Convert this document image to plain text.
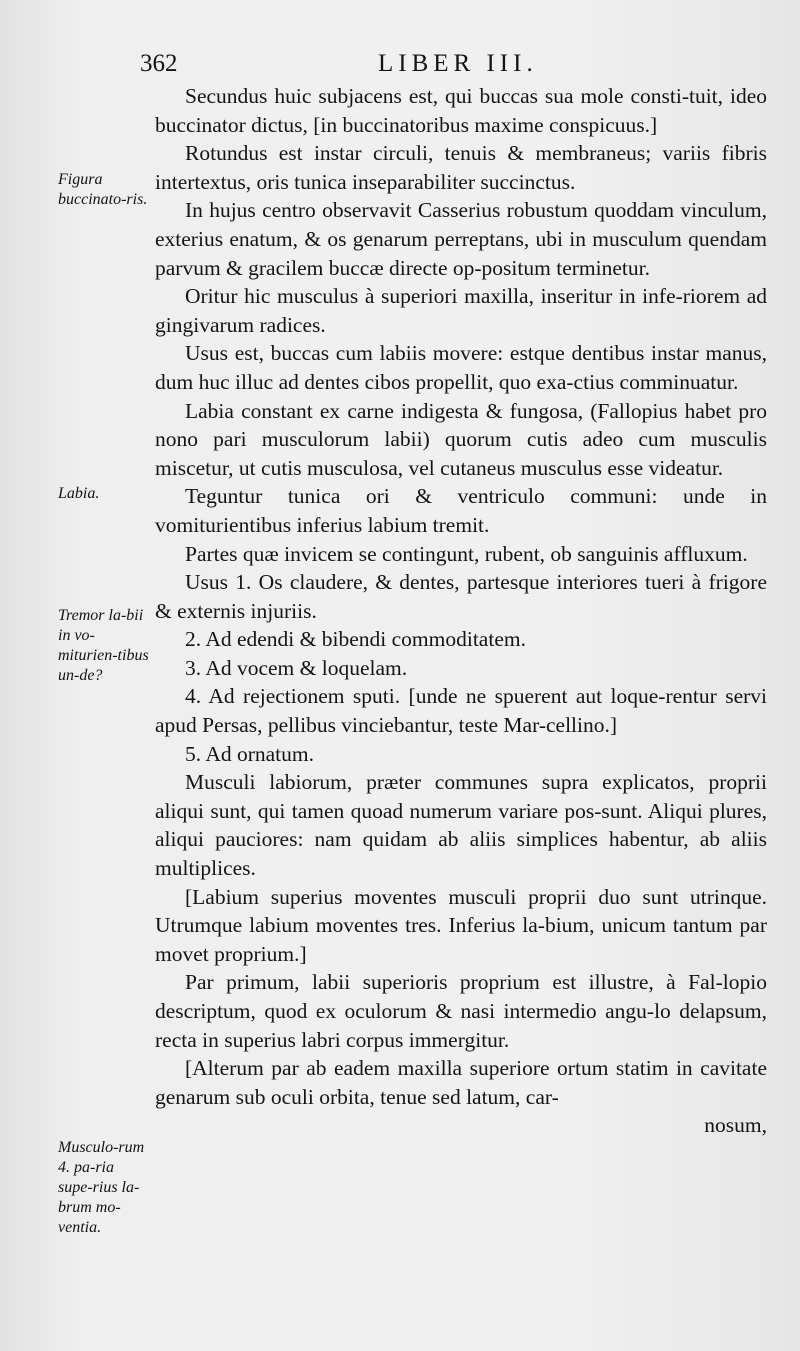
362	LIBER III.
Figura buccinato-ris.
Labia.
Tremor la-bii in vo-miturien-tibus un-de?
Musculo-rum 4. pa-ria supe-rius la-brum mo-ventia.

Secundus huic subjacens est, qui buccas sua mole consti-tuit, ideo buccinator dictus, [in buccinatoribus maxime conspicuus.]

Rotundus est instar circuli, tenuis & membraneus; variis fibris intertextus, oris tunica inseparabiliter succinctus.

In hujus centro observavit Casserius robustum quoddam vinculum, exterius enatum, & os genarum perreptans, ubi in musculum quendam parvum & gracilem buccæ directe op-positum terminetur.

Oritur hic musculus à superiori maxilla, inseritur in infe-riorem ad gingivarum radices.

Usus est, buccas cum labiis movere: estque dentibus instar manus, dum huc illuc ad dentes cibos propellit, quo exa-ctius comminuatur.

Labia constant ex carne indigesta & fungosa, (Fallopius habet pro nono pari musculorum labii) quorum cutis adeo cum musculis miscetur, ut cutis musculosa, vel cutaneus musculus esse videatur.

Teguntur tunica ori & ventriculo communi: unde in vomiturientibus inferius labium tremit.

Partes quæ invicem se contingunt, rubent, ob sanguinis affluxum.

Usus 1. Os claudere, & dentes, partesque interiores tueri à frigore & externis injuriis.

2. Ad edendi & bibendi commoditatem.

3. Ad vocem & loquelam.

4. Ad rejectionem sputi. [unde ne spuerent aut loque-rentur servi apud Persas, pellibus vinciebantur, teste Mar-cellino.]

5. Ad ornatum.

Musculi labiorum, præter communes supra explicatos, proprii aliqui sunt, qui tamen quoad numerum variare pos-sunt. Aliqui plures, aliqui pauciores: nam quidam ab aliis simplices habentur, ab aliis multiplices.

[Labium superius moventes musculi proprii duo sunt utrinque. Utrumque labium moventes tres. Inferius la-bium, unicum tantum par movet proprium.]

Par primum, labii superioris proprium est illustre, à Fal-lopio descriptum, quod ex oculorum & nasi intermedio angu-lo delapsum, recta in superius labri corpus immergitur.

[Alterum par ab eadem maxilla superiore ortum statim in cavitate genarum sub oculi orbita, tenue sed latum, car-

nosum,
